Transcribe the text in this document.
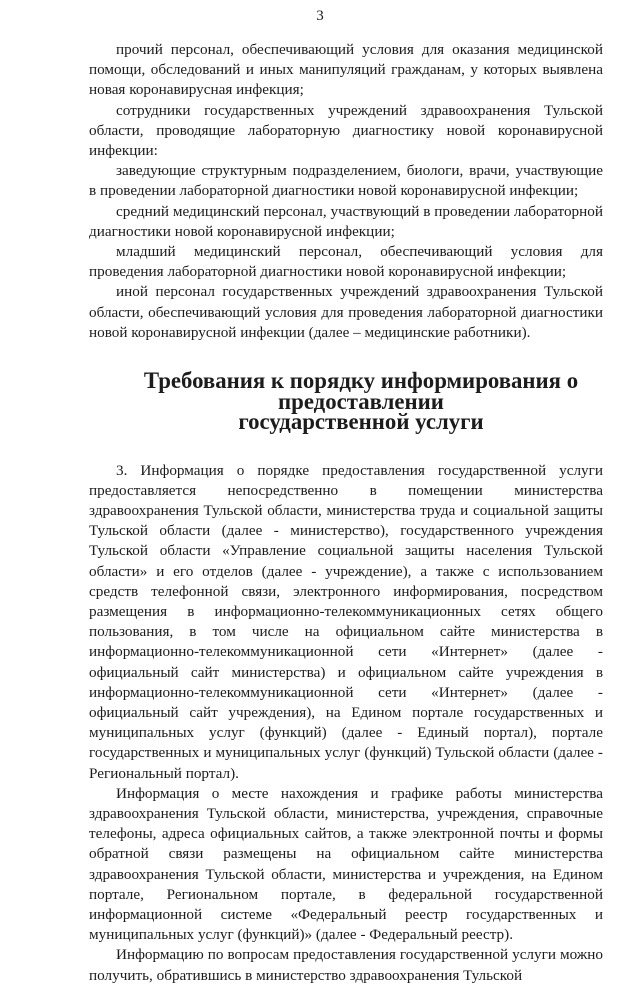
3

прочий персонал, обеспечивающий условия для оказания медицинской помощи, обследований и иных манипуляций гражданам, у которых выявлена новая коронавирусная инфекция;

сотрудники государственных учреждений здравоохранения Тульской области, проводящие лабораторную диагностику новой коронавирусной инфекции:

заведующие структурным подразделением, биологи, врачи, участвующие в проведении лабораторной диагностики новой коронавирусной инфекции;

средний медицинский персонал, участвующий в проведении лабораторной диагностики новой коронавирусной инфекции;

младший медицинский персонал, обеспечивающий условия для проведения лабораторной диагностики новой коронавирусной инфекции;

иной персонал государственных учреждений здравоохранения Тульской области, обеспечивающий условия для проведения лабораторной диагностики новой коронавирусной инфекции (далее – медицинские работники).

Требования к порядку информирования о предоставлении
государственной услуги

3. Информация о порядке предоставления государственной услуги предоставляется непосредственно в помещении министерства здравоохранения Тульской области, министерства труда и социальной защиты Тульской области (далее - министерство), государственного учреждения Тульской области «Управление социальной защиты населения Тульской области» и его отделов (далее - учреждение), а также с использованием средств телефонной связи, электронного информирования, посредством размещения в информационно-телекоммуникационных сетях общего пользования, в том числе на официальном сайте министерства в информационно-телекоммуникационной сети «Интернет» (далее - официальный сайт министерства) и официальном сайте учреждения в информационно-телекоммуникационной сети «Интернет» (далее - официальный сайт учреждения), на Едином портале государственных и муниципальных услуг (функций) (далее - Единый портал), портале государственных и муниципальных услуг (функций) Тульской области (далее - Региональный портал).

Информация о месте нахождения и графике работы министерства здравоохранения Тульской области, министерства, учреждения, справочные телефоны, адреса официальных сайтов, а также электронной почты и формы обратной связи размещены на официальном сайте министерства здравоохранения Тульской области, министерства и учреждения, на Едином портале, Региональном портале, в федеральной государственной информационной системе «Федеральный реестр государственных и муниципальных услуг (функций)» (далее - Федеральный реестр).

Информацию по вопросам предоставления государственной услуги можно получить, обратившись в министерство здравоохранения Тульской
